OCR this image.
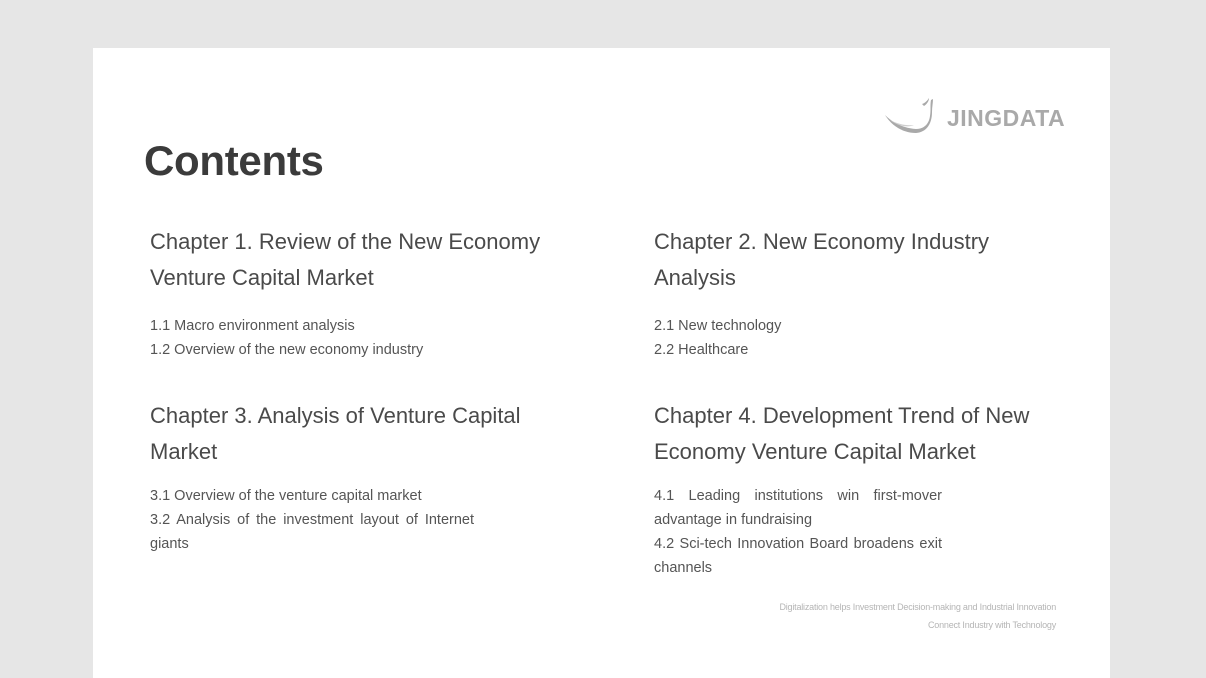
JINGDATA
Contents
Chapter 1. Review of the New Economy Venture Capital Market
1.1 Macro environment analysis
1.2 Overview of the new economy industry
Chapter 2. New Economy Industry Analysis
2.1 New technology
2.2 Healthcare
Chapter 3. Analysis of Venture Capital Market
3.1 Overview of the venture capital market
3.2 Analysis of the investment layout of Internet giants
Chapter 4. Development Trend of New Economy Venture Capital Market
4.1 Leading institutions win first-mover advantage in fundraising
4.2 Sci-tech Innovation Board broadens exit channels
Digitalization helps Investment Decision-making and Industrial Innovation
Connect Industry with Technology
